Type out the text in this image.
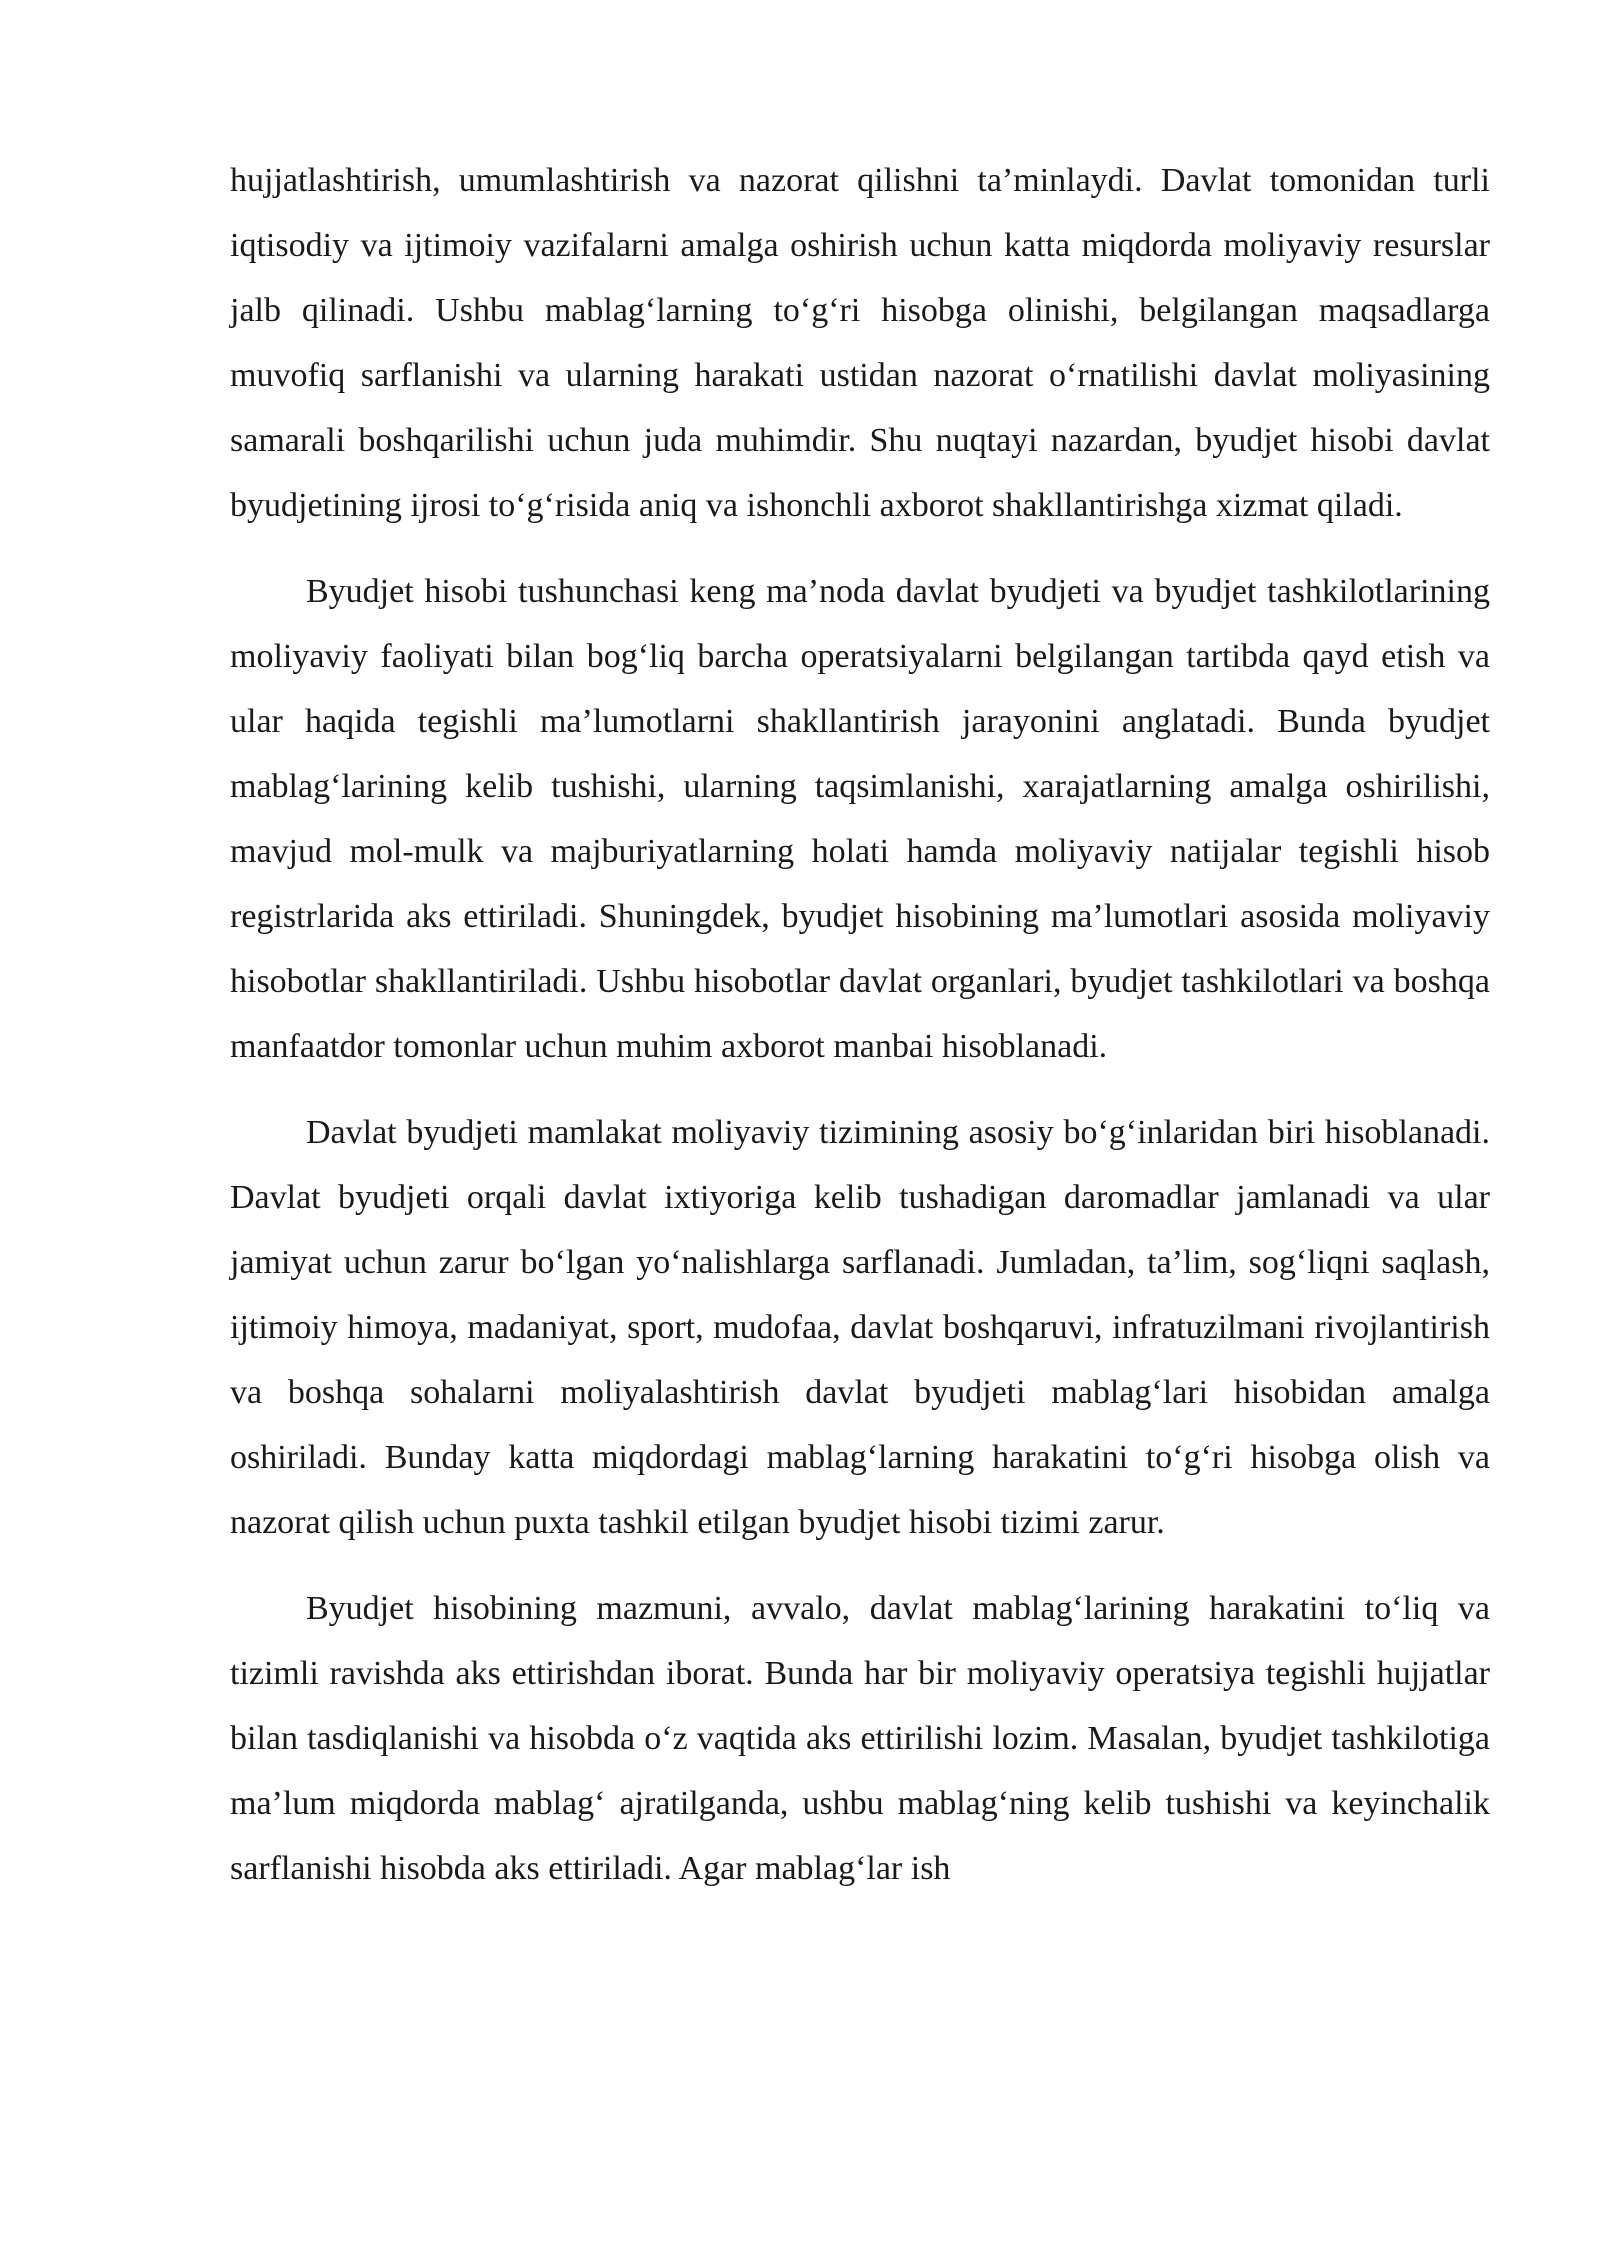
hujjatlashtirish, umumlashtirish va nazorat qilishni ta’minlaydi. Davlat tomonidan turli iqtisodiy va ijtimoiy vazifalarni amalga oshirish uchun katta miqdorda moliyaviy resurslar jalb qilinadi. Ushbu mablag‘larning to‘g‘ri hisobga olinishi, belgilangan maqsadlarga muvofiq sarflanishi va ularning harakati ustidan nazorat o‘rnatilishi davlat moliyasining samarali boshqarilishi uchun juda muhimdir. Shu nuqtayi nazardan, byudjet hisobi davlat byudjetining ijrosi to‘g‘risida aniq va ishonchli axborot shakllantirishga xizmat qiladi.

Byudjet hisobi tushunchasi keng ma’noda davlat byudjeti va byudjet tashkilotlarining moliyaviy faoliyati bilan bog‘liq barcha operatsiyalarni belgilangan tartibda qayd etish va ular haqida tegishli ma’lumotlarni shakllantirish jarayonini anglatadi. Bunda byudjet mablag‘larining kelib tushishi, ularning taqsimlanishi, xarajatlarning amalga oshirilishi, mavjud mol-mulk va majburiyatlarning holati hamda moliyaviy natijalar tegishli hisob registrlarida aks ettiriladi. Shuningdek, byudjet hisobining ma’lumotlari asosida moliyaviy hisobotlar shakllantiriladi. Ushbu hisobotlar davlat organlari, byudjet tashkilotlari va boshqa manfaatdor tomonlar uchun muhim axborot manbai hisoblanadi.

Davlat byudjeti mamlakat moliyaviy tizimining asosiy bo‘g‘inlaridan biri hisoblanadi. Davlat byudjeti orqali davlat ixtiyoriga kelib tushadigan daromadlar jamlanadi va ular jamiyat uchun zarur bo‘lgan yo‘nalishlarga sarflanadi. Jumladan, ta’lim, sog‘liqni saqlash, ijtimoiy himoya, madaniyat, sport, mudofaa, davlat boshqaruvi, infratuzilmani rivojlantirish va boshqa sohalarni moliyalashtirish davlat byudjeti mablag‘lari hisobidan amalga oshiriladi. Bunday katta miqdordagi mablag‘larning harakatini to‘g‘ri hisobga olish va nazorat qilish uchun puxta tashkil etilgan byudjet hisobi tizimi zarur.

Byudjet hisobining mazmuni, avvalo, davlat mablag‘larining harakatini to‘liq va tizimli ravishda aks ettirishdan iborat. Bunda har bir moliyaviy operatsiya tegishli hujjatlar bilan tasdiqlanishi va hisobda o‘z vaqtida aks ettirilishi lozim. Masalan, byudjet tashkilotiga ma’lum miqdorda mablag‘ ajratilganda, ushbu mablag‘ning kelib tushishi va keyinchalik sarflanishi hisobda aks ettiriladi. Agar mablag‘lar ish
